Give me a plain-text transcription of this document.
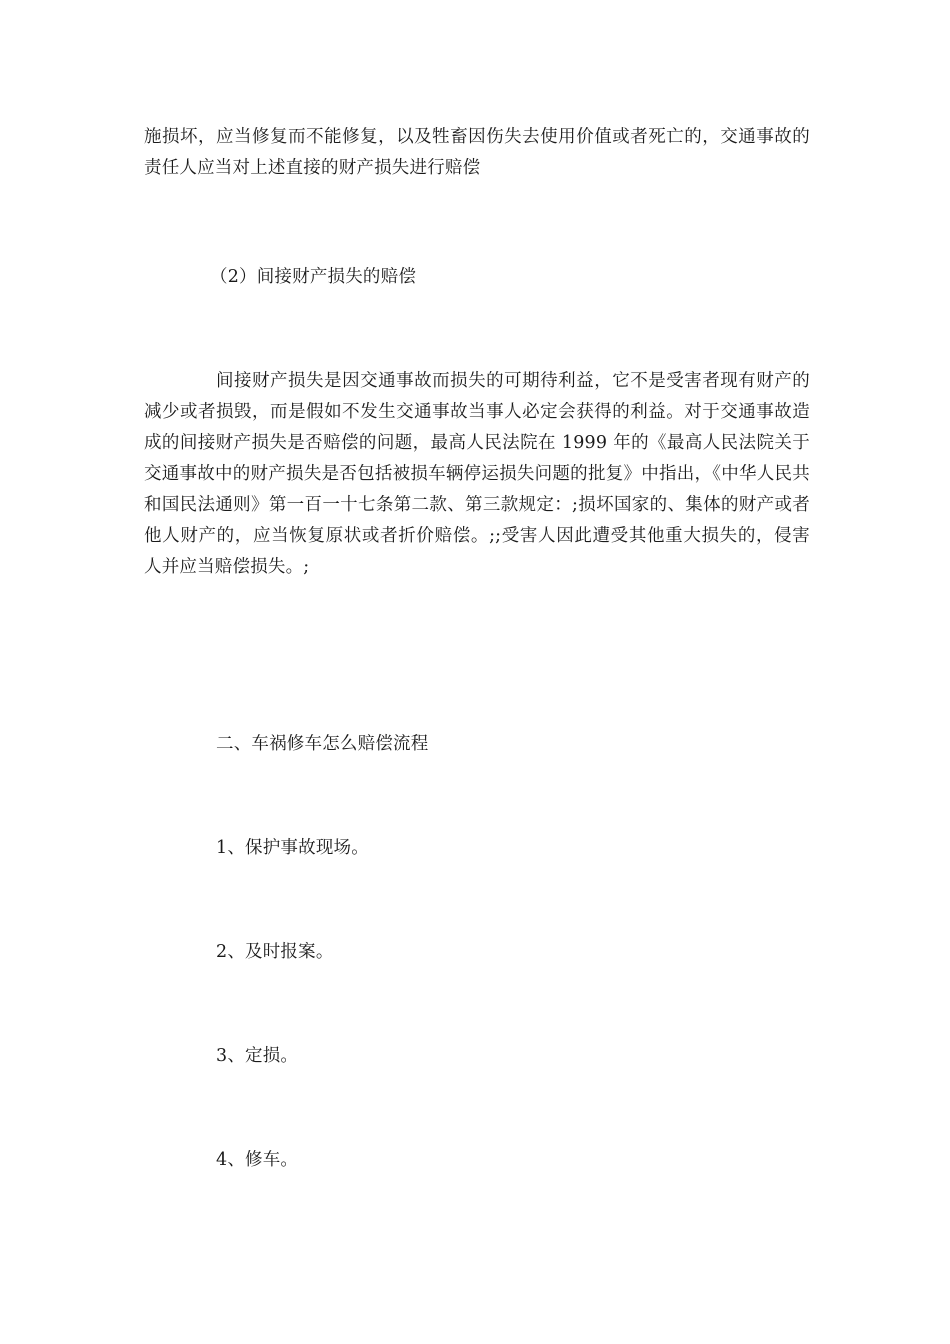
施损坏，应当修复而不能修复，以及牲畜因伤失去使用价值或者死亡的，交通事故的责任人应当对上述直接的财产损失进行赔偿

（2）间接财产损失的赔偿

间接财产损失是因交通事故而损失的可期待利益，它不是受害者现有财产的减少或者损毁，而是假如不发生交通事故当事人必定会获得的利益。对于交通事故造成的间接财产损失是否赔偿的问题，最高人民法院在 1999 年的《最高人民法院关于交通事故中的财产损失是否包括被损车辆停运损失问题的批复》中指出，《中华人民共和国民法通则》第一百一十七条第二款、第三款规定：;损坏国家的、集体的财产或者他人财产的，应当恢复原状或者折价赔偿。;;受害人因此遭受其他重大损失的，侵害人并应当赔偿损失。;

二、车祸修车怎么赔偿流程

1、保护事故现场。

2、及时报案。

3、定损。

4、修车。
